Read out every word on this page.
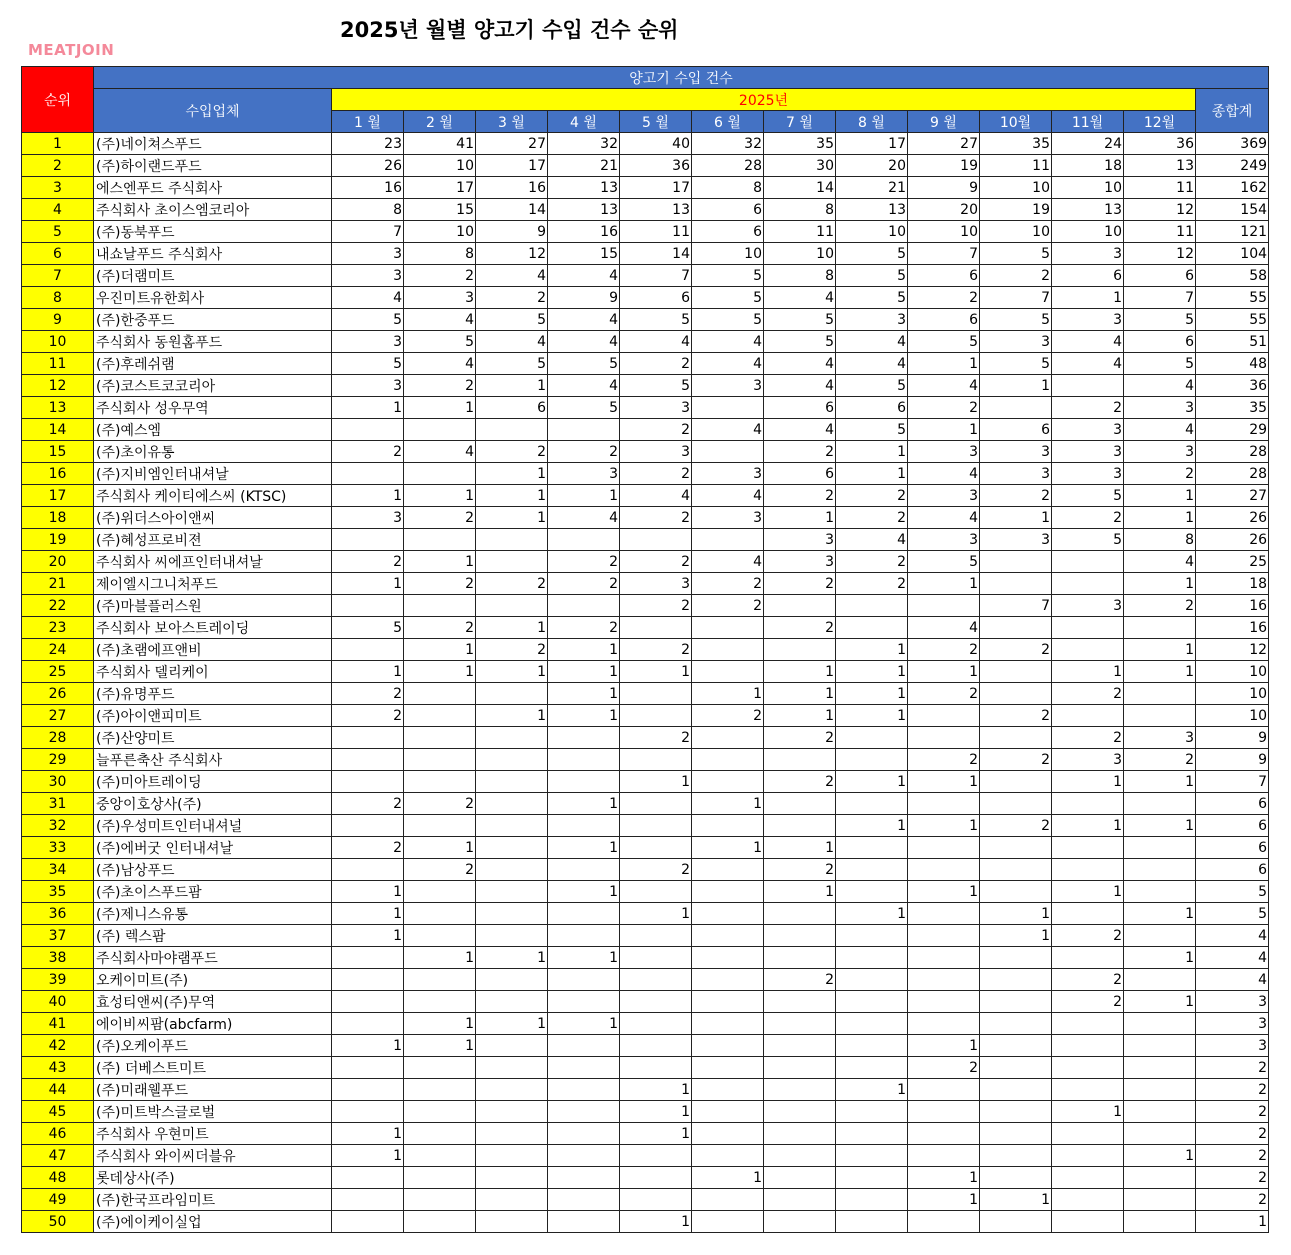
2025년 월별 양고기 수입 건수 순위
MEATJOIN
순위	양고기 수입 건수													
	수입업체	2025년												종합계
		1 월	2 월	3 월	4 월	5 월	6 월	7 월	8 월	9 월	10월	11월	12월	
1	(주)네이쳐스푸드	23	41	27	32	40	32	35	17	27	35	24	36	369
2	(주)하이랜드푸드	26	10	17	21	36	28	30	20	19	11	18	13	249
3	에스엔푸드 주식회사	16	17	16	13	17	8	14	21	9	10	10	11	162
4	주식회사 초이스엠코리아	8	15	14	13	13	6	8	13	20	19	13	12	154
5	(주)동북푸드	7	10	9	16	11	6	11	10	10	10	10	11	121
6	내쇼날푸드 주식회사	3	8	12	15	14	10	10	5	7	5	3	12	104
7	(주)더램미트	3	2	4	4	7	5	8	5	6	2	6	6	58
8	우진미트유한회사	4	3	2	9	6	5	4	5	2	7	1	7	55
9	(주)한중푸드	5	4	5	4	5	5	5	3	6	5	3	5	55
10	주식회사 동원홈푸드	3	5	4	4	4	4	5	4	5	3	4	6	51
11	(주)후레쉬램	5	4	5	5	2	4	4	4	1	5	4	5	48
12	(주)코스트코코리아	3	2	1	4	5	3	4	5	4	1		4	36
13	주식회사 성우무역	1	1	6	5	3		6	6	2		2	3	35
14	(주)예스엠					2	4	4	5	1	6	3	4	29
15	(주)초이유통	2	4	2	2	3		2	1	3	3	3	3	28
16	(주)지비엠인터내셔날			1	3	2	3	6	1	4	3	3	2	28
17	주식회사 케이티에스씨 (KTSC)	1	1	1	1	4	4	2	2	3	2	5	1	27
18	(주)위더스아이앤씨	3	2	1	4	2	3	1	2	4	1	2	1	26
19	(주)혜성프로비젼							3	4	3	3	5	8	26
20	주식회사 씨에프인터내셔날	2	1		2	2	4	3	2	5			4	25
21	제이엘시그니처푸드	1	2	2	2	3	2	2	2	1			1	18
22	(주)마블플러스원					2	2				7	3	2	16
23	주식회사 보아스트레이딩	5	2	1	2			2		4				16
24	(주)초램에프앤비		1	2	1	2			1	2	2		1	12
25	주식회사 델리케이	1	1	1	1	1		1	1	1		1	1	10
26	(주)유명푸드	2			1		1	1	1	2		2		10
27	(주)아이앤피미트	2		1	1		2	1	1		2			10
28	(주)산양미트					2		2				2	3	9
29	늘푸른축산 주식회사									2	2	3	2	9
30	(주)미아트레이딩					1		2	1	1		1	1	7
31	중앙이호상사(주)	2	2		1		1							6
32	(주)우성미트인터내셔널								1	1	2	1	1	6
33	(주)에버굿 인터내셔날	2	1		1		1	1						6
34	(주)남상푸드		2			2		2						6
35	(주)초이스푸드팜	1			1			1		1		1		5
36	(주)제니스유통	1				1			1		1		1	5
37	(주) 렉스팜	1									1	2		4
38	주식회사마야램푸드		1	1	1								1	4
39	오케이미트(주)							2				2		4
40	효성티앤씨(주)무역											2	1	3
41	에이비씨팜(abcfarm)		1	1	1									3
42	(주)오케이푸드	1	1							1				3
43	(주) 더베스트미트									2				2
44	(주)미래웰푸드					1			1					2
45	(주)미트박스글로벌					1						1		2
46	주식회사 우현미트	1				1								2
47	주식회사 와이씨더블유	1											1	2
48	롯데상사(주)						1			1				2
49	(주)한국프라임미트									1	1			2
50	(주)에이케이실업					1								1
